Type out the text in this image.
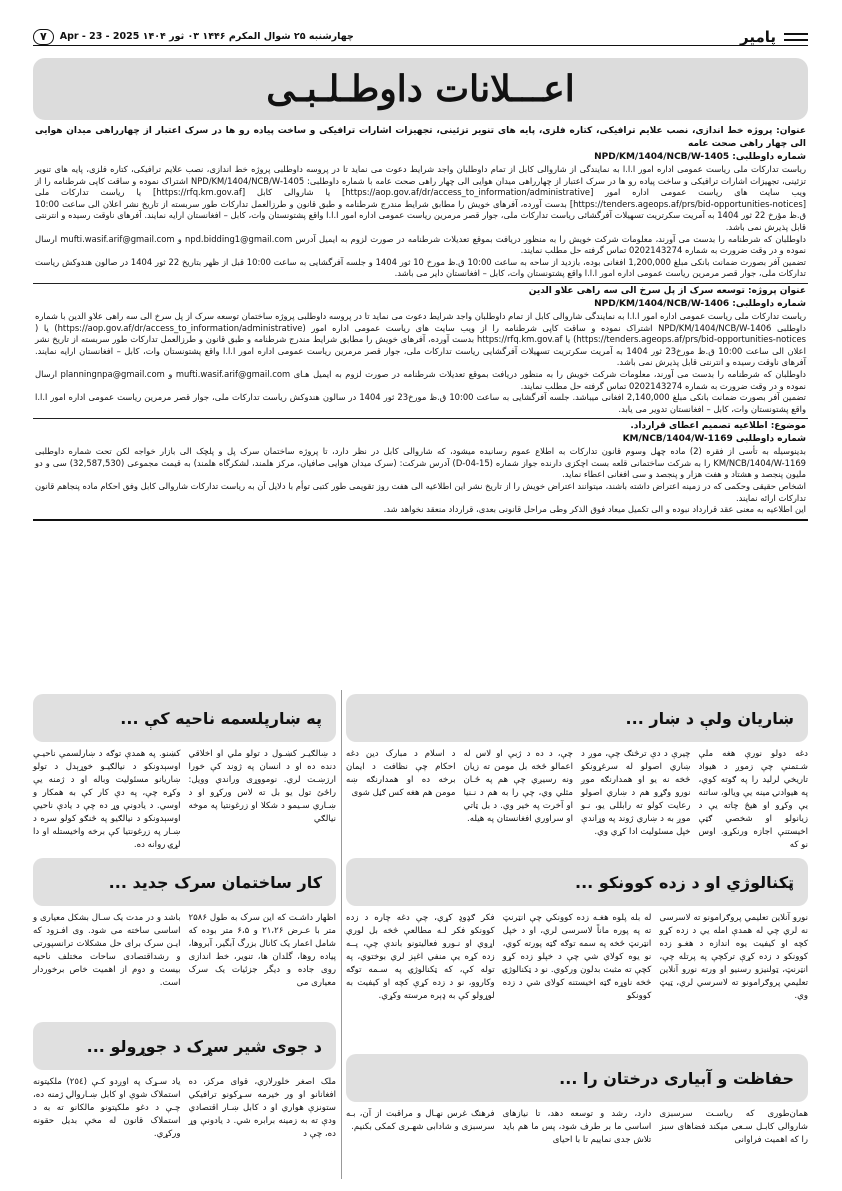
پامیر
چهارشنبه ۲۵ شوال المکرم ۱۴۴۶ ۰۳ ثور ۱۴۰۴ Apr - 23 - 2025
۷
اعـــلانات داوطـلـبـی
عنوان: پروژه خط اندازی، نصب علایم ترافیکی، کتاره فلزی، پایه های تنویر تزئینی، تجهیزات اشارات ترافیکی و ساخت پیاده رو ها در سرک اعتبار از چهارراهی میدان هوایی الی چهار راهی صحت عامه
شماره داوطلبی: NPD/KM/1404/NCB/W-1405

ریاست تدارکات ملی ریاست عمومی اداره امور ا.ا.ا به نمایندگی از شاروالی کابل از تمام داوطلبان واجد شرایط دعوت می نماید تا در پروسه داوطلبی پروژه خط اندازی، نصب علایم ترافیکی، کتاره فلزی، پایه های تنویر تزئینی، تجهیزات اشارات ترافیکی و ساخت پیاده رو ها در سرک اعتبار از چهارراهی میدان هوایی الی چهار راهی صحت عامه با شماره داوطلبی: NPD/KM/1404/NCB/W-1405 اشتراک نموده و ساقت کاپی شرطنامه را از ویب سایت های ریاست عمومی اداره امور [https://aop.gov.af/dr/access_to_information/administrative] یا شاروالی کابل [https://rfq.km.gov.af] یا ریاست تدارکات ملی [https://tenders.ageops.af/prs/bid-opportunities-notices] بدست آورده، آفرهای خویش را مطابق شرایط مندرج شرطنامه و طبق قانون و طرزالعمل تدارکات طور سربسته از تاریخ نشر اعلان الی ساعت 10:00 ق.ظ مؤرخ 22 ثور 1404 به آمریت سکرتریت تسهیلات آفرگشائی ریاست تدارکات ملی، جوار قصر مرمرین ریاست عمومی اداره امور ا.ا.ا واقع پشتونستان وات، کابل – افغانستان ارایه نمایند. آفرهای ناوقت رسیده و انترنتی قابل پذیرش نمی باشد.

داوطلبان که شرطنامه را بدست می آورند، معلومات شرکت خویش را به منظور دریافت بموقع تعدیلات شرطنامه در صورت لزوم به ایمیل آدرس npd.bidding1@gmail.com و mufti.wasif.arif@gmail.com ارسال نموده و در وقت ضرورت به شماره 0202143274 تماس گرفته حل مطلب نمایند.

تضمین آفر بصورت ضمانت بانکی مبلغ 1,200,000 افغانی بوده، بازدید از ساحه به ساعت 10:00 ق.ظ مورخ 10 ثور 1404 و جلسه آفرگشایی به ساعت 10:00 قبل از ظهر بتاریخ 22 ثور 1404 در صالون هندوکش ریاست تدارکات ملی، جوار قصر مرمرین ریاست عمومی اداره امور ا.ا.ا واقع پشتونستان وات، کابل – افغانستان دایر می باشد.

عنوان پروژه: توسعه سرک از پل سرخ الی سه راهی علاو الدین
شماره داوطلبی: NPD/KM/1404/NCB/W-1406

ریاست تدارکات ملی ریاست عمومی اداره امور ا.ا.ا به نمایندگی شاروالی کابل از تمام داوطلبان واجد شرایط دعوت می نماید تا در پروسه داوطلبی پروژه ساختمان توسعه سرک از پل سرخ الی سه راهی علاو الدین با شماره داوطلبی NPD/KM/1404/NCB/W-1406 اشتراک نموده و ساقت کاپی شرطنامه را از ویب سایت های ریاست عمومی اداره امور (https://aop.gov.af/dr/access_to_information/administrative) یا ( https://tenders.ageops.af/prs/bid-opportunities-notices) یا https://rfq.km.gov.af بدست آورده، آفرهای خویش را مطابق شرایط مندرج شرطنامه و طبق قانون و طرزالعمل تدارکات طور سربسته از تاریخ نشر اعلان الی ساعت 10:00 ق.ظ مورخ23 ثور 1404 به آمریت سکرتریت تسهیلات آفرگشایی ریاست تدارکات ملی، جوار قصر مرمرین ریاست عمومی اداره امور ا.ا.ا واقع پشتونستان وات، کابل – افغانستان ارایه نمایند. آفرهای ناوقت رسیده و انترنتی قابل پذیرش نمی باشد.

داوطلبان که شرطنامه را بدست می آورند، معلومات شرکت خویش را به منظور دریافت بموقع تعدیلات شرطنامه در صورت لزوم به ایمیل هـای mufti.wasif.arif@gmail.com و planningnpa@gmail.com ارسال نموده و در وقت ضرورت به شماره 0202143274 تماس گرفته حل مطلب نمایند.

تضمین آفر بصورت ضمانت بانکی مبلغ 2,140,000 افغانی میباشد. جلسه آفرگشایی به ساعت 10:00 ق.ظ مورخ23 ثور 1404 در سالون هندوکش ریاست تدارکات ملی، جوار قصر مرمرین ریاست عمومی اداره امور ا.ا.ا واقع پشتونستان وات، کابل – افغانستان تدویر می یابد.

موضوع: اطلاعیه تصمیم اعطای قرارداد.
شماره داوطلبی KM/NCB/1404/W-1169

بدینوسیله به تأسی از فقره (2) ماده چهل وسوم قانون تدارکات به اطلاع عموم رسانیده میشود، که شاروالی کابل در نظر دارد، تا پروژه ساختمان سرک پل و پلچک الی بازار خواجه لکن تحت شماره داوطلبی KM/NCB/1404/W-1169 را به شرکت ساختمانی قلعه بست اچکزی دارنده جواز شماره (15-04-D) آدرس شرکت: (سرک میدان هوایی صافیان، مرکز هلمند، لشکرگاه هلمند) به قیمت مجموعی (32,587,530) سی و دو ملیون پنجصد و هشتاد و هفت هزار و پنجصد و سی افغانی اعطاء نماید.

اشخاص حقیقی وحکمی که در زمینه اعتراض داشته باشند، میتوانند اعتراض خویش را از تاریخ نشر این اطلاعیه الی هفت روز تقویمی طور کتبی توأم با دلایل آن به ریاست تدارکات شاروالی کابل وفق احکام ماده پنجاهم قانون تدارکات ارائه نمایند.

این اطلاعیه به معنی عقد قرارداد نبوده و الی تکمیل میعاد فوق الذکر وطی مراحل قانونی بعدی، قرارداد منعقد نخواهد شد.

ښاریان ولې د ښار ...
دغه دولو نورې هغه ملې شـتمنې چې زموږ د هیواد تاریخي لرلید را په ګوته کوي، په هیوادنۍ مینه يې ویالو، ساتنه يې وکړو او هیڅ چاته یې د زیانولو او شخصي ګټې اخیستنې اجازه ورنکړو. اوس نو که
چیرې د دې ترڅنګ چې، موږ د ښاري اصولو له سرغړونکو څخه نه یو او همدارنګه موږ نورو وګړو هم د ښاري اصولو رعایت کولو ته رابللی یو، نـو موږ به د ښاري ژوند په وړاندې خپل مسئولیت ادا کړي وي.
چې، د ده د ژبې او لاس له اعمالو څخه بل مومن ته زیان ونه رسیږي چې هم په ځـان مثلي وي، چې را به هم د نـنیا او آخرت په خیر وي. د بل ټاتي او سراوري افغانستان په هیله.
د اسلام د مبارک دین دغه احکام چې نظافت د ایمان برخه ده او همدارنګه ښه مومن هم هغه کس ګڼل شوی
په ښارپلسمه ناحیه کې ...
د ښالګیـر کښـول د تولو ملي او اخلاقي دنده ده او د انسان په ژوند کې خورا ارزښـت لري. نومووړی وراندي وویل: راځئ تول یو بل ته لاس ورکړو او د ښـاري سـیمو د شکلا او زرغونتیا په موخه نیالګي
کښنو. په همدې توګه د ښارلسمې ناحیـې اوسېدونکو د نیالګیـو خوړېدل د تولو ښاریانو مسئولیت وباله او د ژمنه یې وکړه چې، په دې کار کې به همکار و اوسي. د یادونې وړ ده چې د یادې ناحیې اوسېدونکو د نیالګیو په څنګو کولو سره د ښـار په زرغونتیا کې برخه واخیستله او دا لړۍ روانه ده.
ټکنالوژي او د زده کوونکو ...
نورو آنلاین تعلیمي پروګرامونو ته لاسرسی نه لري چي له همدې امله يي د زده کړو کچه او کیفیت یوه اندازه د هغـو زده کوونکو د زده کړې ترکچې په پرتله چې، انټرنټ، ټولنیزو رسنیو او ورته نورو آنلاین تعلیمي پروګرامونو ته لاسرسي لري، ټیټ وي.
له بله پلوه هغـه زده کوونکي چې انټرنټ ته په پوره ماناً لاسرسی لري، او د خپل انټرنټ څخه په سمه توګه ګټه پورته کوي، نو یوه کولاي شي چې د خپلو زده کړو کچې ته مثبت بدلون ورکوي. نو د ټکنالوژۍ څخه ناوړه ګټه اخیستنه کولای شي د زده کوونکو
فکر ګډوډ کړي، چې دغه چاره د زده کوونکو فکر لـه مطالعې څخه بل لوري اړوي او نـورو فعالیتونو باندې چې، پــه زده کړه يې منفي اغېز لري بوختوي، په توله کې، که ټکنالوژۍ په سـمه توګه وکاروو، نو د زده کړې کچه او کیفیت به لوړولو کې به ډېره مرسته وکړي.
کار ساختمان سرک جدید ...
اظهار داشـت که این سرک به طول ۲۵۸۶ متر با عـرض ۲۱،۲۶ و ۶،۵ متر بوده که شامل اعمار یک کانال بزرگ آبگیر، آبروها، پیاده روها، گلدان ها، تنویر، خط اندازی روی جاده و دیگر جزئیات یک سرک معیاری می
باشد و در مدت یک سـال بشکل معیاری و اساسی ساخته می شود. وی افـزود که ایـن سرک برای حل مشکلات ترانسپورتی و رشداقتصادی ساحات مختلف ناحیه بیست و دوم از اهمیت خاص برخوردار است.
حفاظت و آبیاری درختان را ...
همان‌طوری که ریاسـت سرسبزی شاروالی کابـل سـعی میکند فضاهای سبز را که اهمیت فراوانی
دارد، رشد و توسعه دهد، تا نیازهای اساسی ما بر طرف شود، پس ما هم باید تلاش جدی نماییم تا با احیای
فرهنګ غرس نهـال و مراقبت از آن، بـه سرسبزی و شادابی شهـری کمکی بکنیم.
د جوی شیر سړک د جوړولو ...
ملک اصغر خلورلاري، قوای مرکز، ده افغانانو او ور خیرمه سـړکونو ترافیکي ستونزې هواري او د کابل ښـار اقتصادي ودې ته به زمینه برابره شي. د یادونې وړ ده، چې د
یاد سـړک په اوږدو کـې (٢٥٤) ملکیتونه استملاک شوې او کابل ښـاروالۍ ژمنه ده، چـې د دغو ملکیتونو مالکانو ته به د استملاک قانون له مخې بدیل حقونه ورکړي.
